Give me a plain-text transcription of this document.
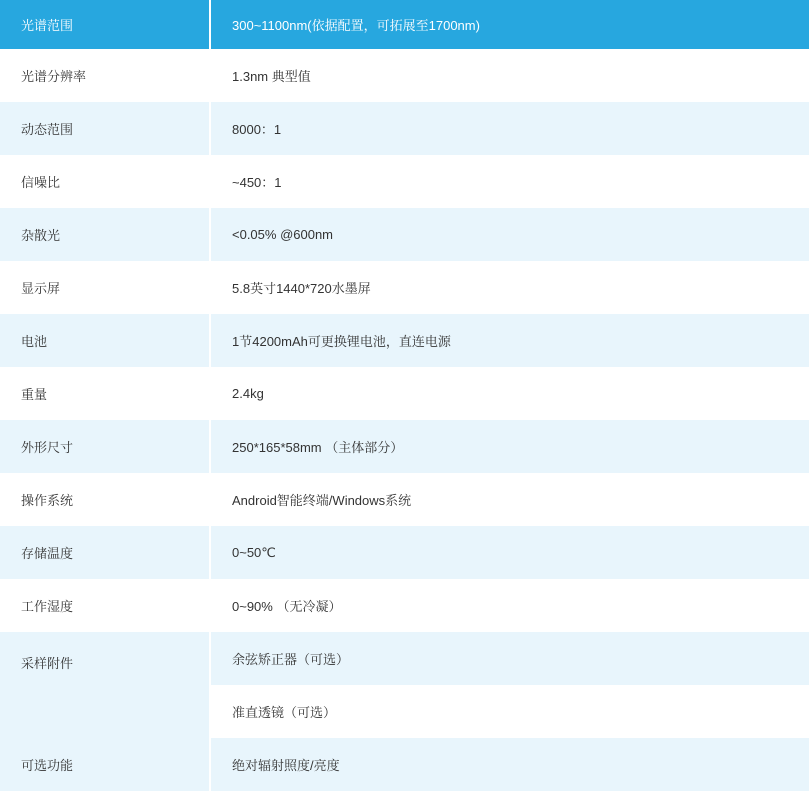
光谱范围	300~1100nm(依据配置，可拓展至1700nm)
光谱分辨率	1.3nm 典型值
动态范围	8000：1
信噪比	~450：1
杂散光	<0.05% @600nm
显示屏	5.8英寸1440*720水墨屏
电池	1节4200mAh可更换锂电池，直连电源
重量	2.4kg
外形尺寸	250*165*58mm （主体部分）
操作系统	Android智能终端/Windows系统
存储温度	0~50℃
工作湿度	0~90% （无冷凝）
采样附件	余弦矫正器（可选）
	准直透镜（可选）
可选功能	绝对辐射照度/亮度
